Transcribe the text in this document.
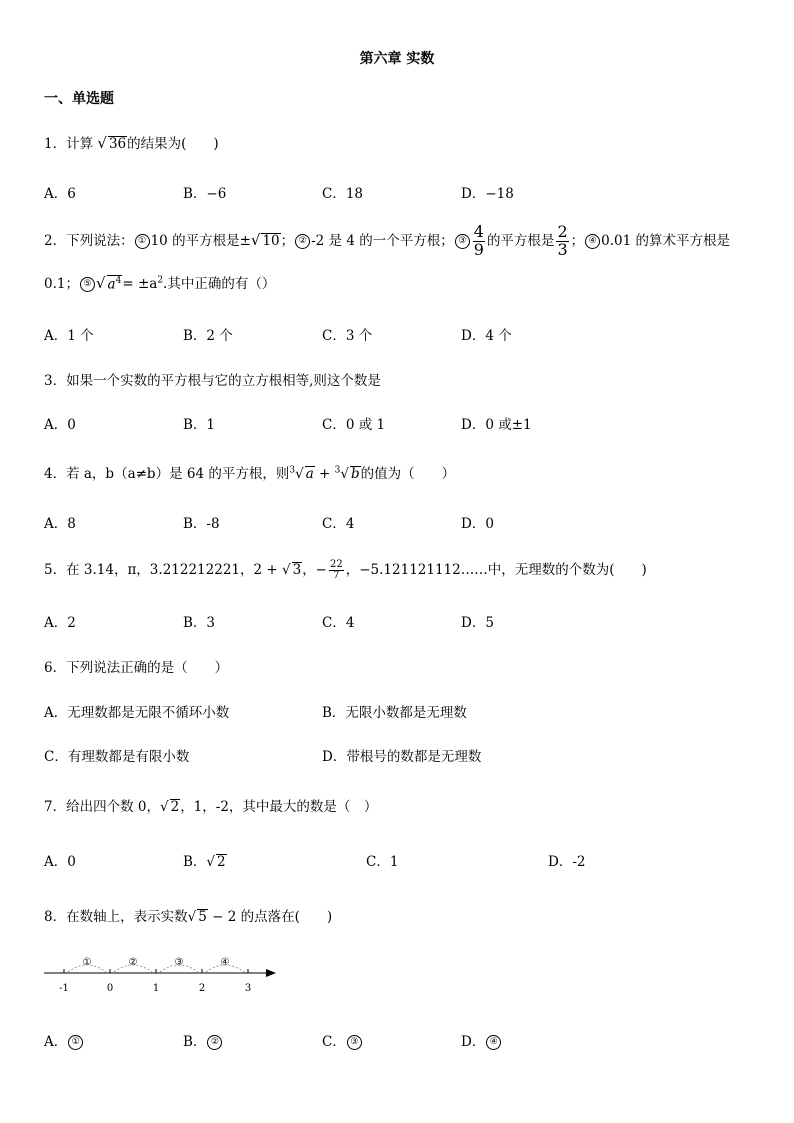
第六章 实数
一、单选题
1．计算 √ 36的结果为(　　)
A．6	B．−6	C．18	D．−18
2．下列说法： ① 10 的平方根是±√ 10； ② -2 是 4 的一个平方根； ③ $\frac{4}{9}$ 的平方根是 $\frac{2}{3}$ ； ④ 0.01 的算术平方根是
0.1； ⑤ √ $a^4= \pm a^2$.其中正确的有（）
A．1 个	B．2 个	C．3 个	D．4 个
3．如果一个实数的平方根与它的立方根相等,则这个数是
A．0	B．1	C．0 或 1	D．0 或±1
4．若 a，b（a≠b）是 64 的平方根，则$^3$√ a + $^3$√ b的值为（　　）
A．8	B．-8	C．4	D．0
5．在 3.14，π，3.212212221，2 + √ 3，− $\frac{22}{7}$ ，−5.121121112……中，无理数的个数为(　　)
A．2	B．3	C．4	D．5
6．下列说法正确的是（　　）
A．无理数都是无限不循环小数	B．无限小数都是无理数
C．有理数都是有限小数	D．带根号的数都是无理数
7．给出四个数 0，√ 2，1，-2，其中最大的数是（　）
A．0	B．√ 2	C．1	D．-2
8．在数轴上，表示实数√ 5 − 2 的点落在(　　)
①	②	③	④
-1	0	1	2	3
A． ①	B． ②	C． ③	D． ④
